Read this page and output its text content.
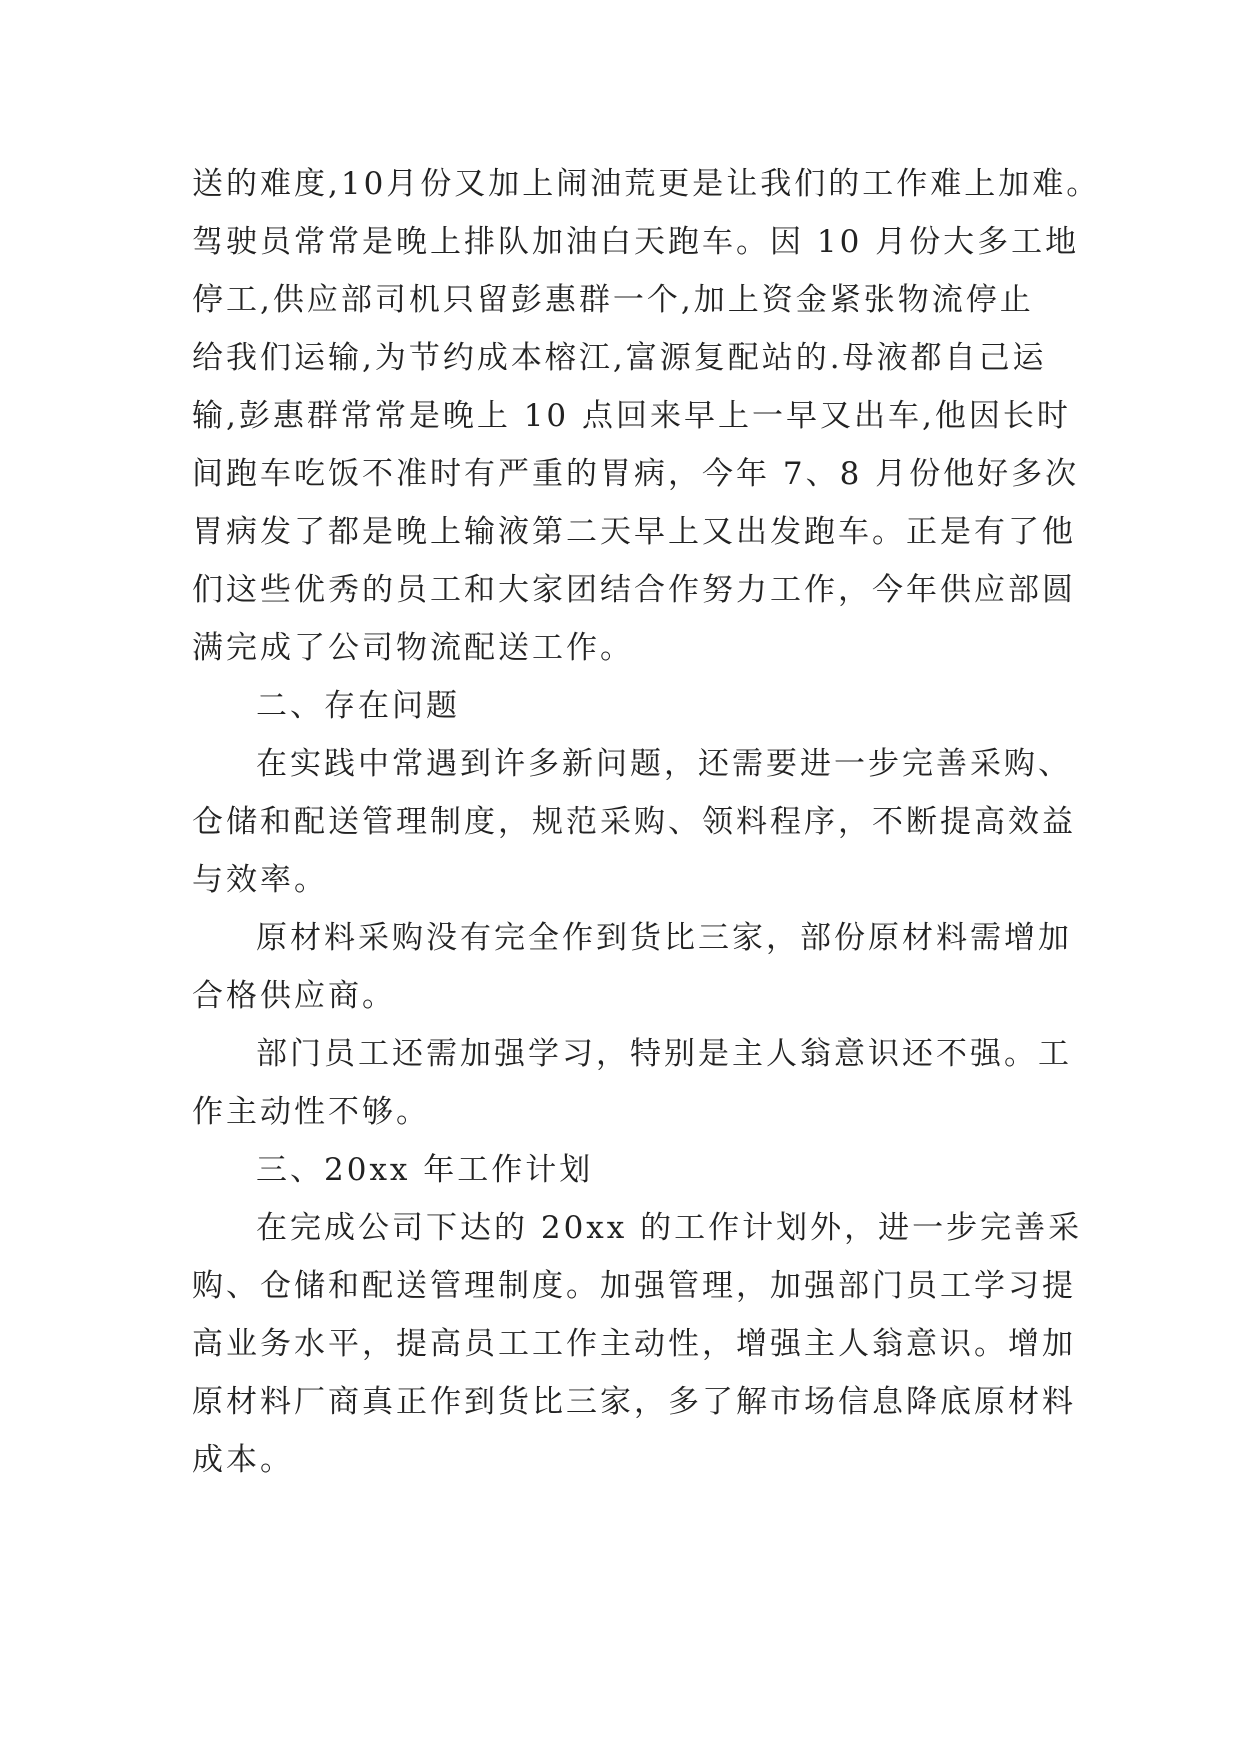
送的难度,10月份又加上闹油荒更是让我们的工作难上加难。
驾驶员常常是晚上排队加油白天跑车。因 10 月份大多工地
停工,供应部司机只留彭惠群一个,加上资金紧张物流停止
给我们运输,为节约成本榕江,富源复配站的.母液都自己运
输,彭惠群常常是晚上 10 点回来早上一早又出车,他因长时
间跑车吃饭不准时有严重的胃病，今年 7、8 月份他好多次
胃病发了都是晚上输液第二天早上又出发跑车。正是有了他
们这些优秀的员工和大家团结合作努力工作，今年供应部圆
满完成了公司物流配送工作。
二、存在问题
在实践中常遇到许多新问题，还需要进一步完善采购、
仓储和配送管理制度，规范采购、领料程序，不断提高效益
与效率。
原材料采购没有完全作到货比三家，部份原材料需增加
合格供应商。
部门员工还需加强学习，特别是主人翁意识还不强。工
作主动性不够。
三、20xx 年工作计划
在完成公司下达的 20xx 的工作计划外，进一步完善采
购、仓储和配送管理制度。加强管理，加强部门员工学习提
高业务水平，提高员工工作主动性，增强主人翁意识。增加
原材料厂商真正作到货比三家，多了解市场信息降底原材料
成本。
